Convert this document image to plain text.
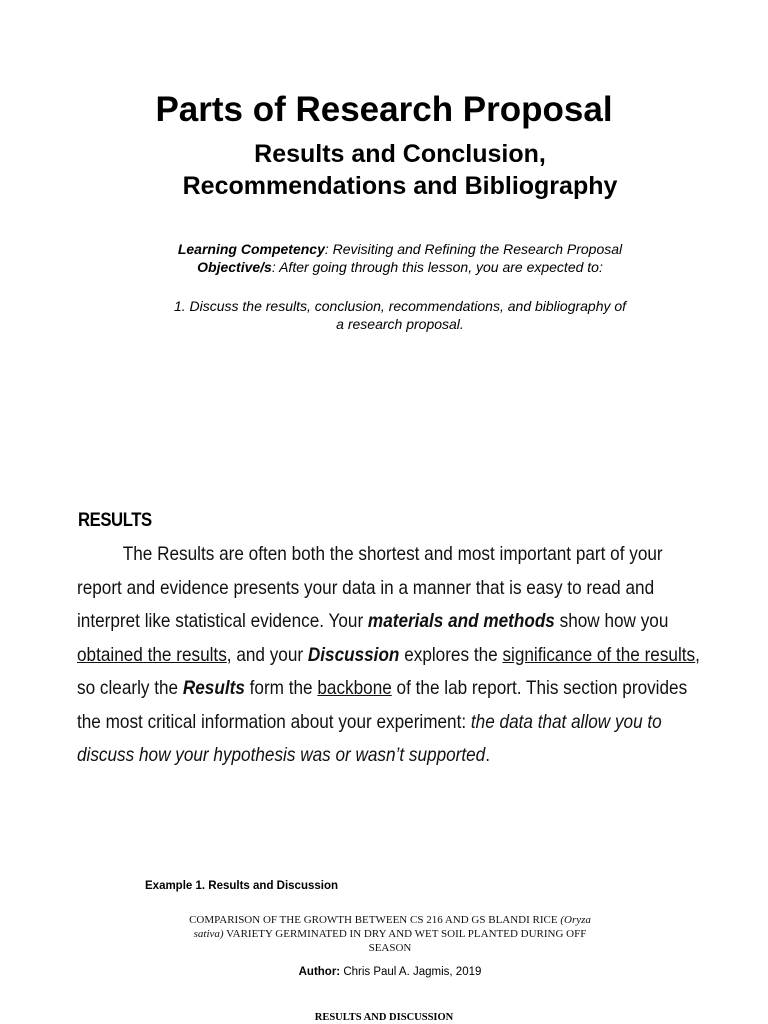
Parts of Research Proposal
Results and Conclusion,
Recommendations and Bibliography
Learning Competency: Revisiting and Refining the Research Proposal
Objective/s: After going through this lesson, you are expected to:
1. Discuss the results, conclusion, recommendations, and bibliography of
a research proposal.
RESULTS
The Results are often both the shortest and most important part of your
report and evidence presents your data in a manner that is easy to read and
interpret like statistical evidence. Your materials and methods show how you
obtained the results, and your Discussion explores the significance of the results,
so clearly the Results form the backbone of the lab report. This section provides
the most critical information about your experiment: the data that allow you to
discuss how your hypothesis was or wasn’t supported.
Example 1. Results and Discussion
COMPARISON OF THE GROWTH BETWEEN CS 216 AND GS BLANDI RICE (Oryza
sativa) VARIETY GERMINATED IN DRY AND WET SOIL PLANTED DURING OFF
SEASON
Author: Chris Paul A. Jagmis, 2019
RESULTS AND DISCUSSION
